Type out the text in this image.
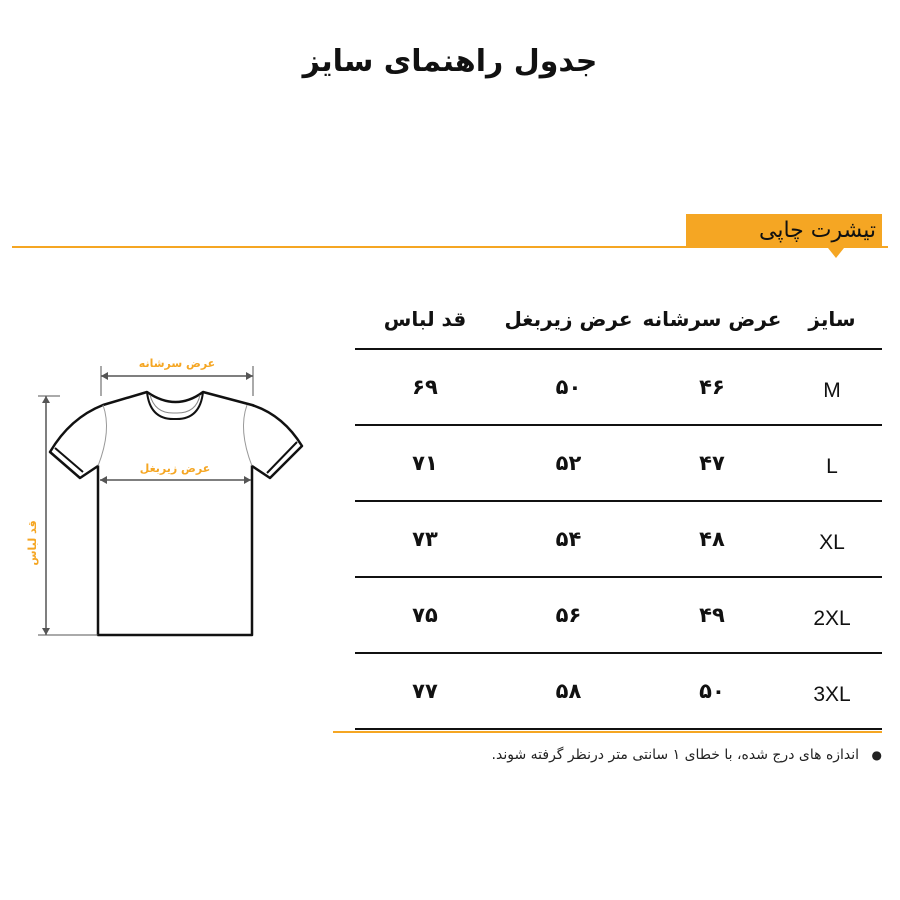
جدول راهنمای سایز
تیشرت چاپی
سایز	عرض سرشانه	عرض زیربغل	قد لباس
M	۴۶	۵۰	۶۹
L	۴۷	۵۲	۷۱
XL	۴۸	۵۴	۷۳
2XL	۴۹	۵۶	۷۵
3XL	۵۰	۵۸	۷۷
عرض سرشانه
عرض زیربغل
قد لباس
● اندازه های درج شده، با خطای ۱ سانتی متر درنظر گرفته شوند.
